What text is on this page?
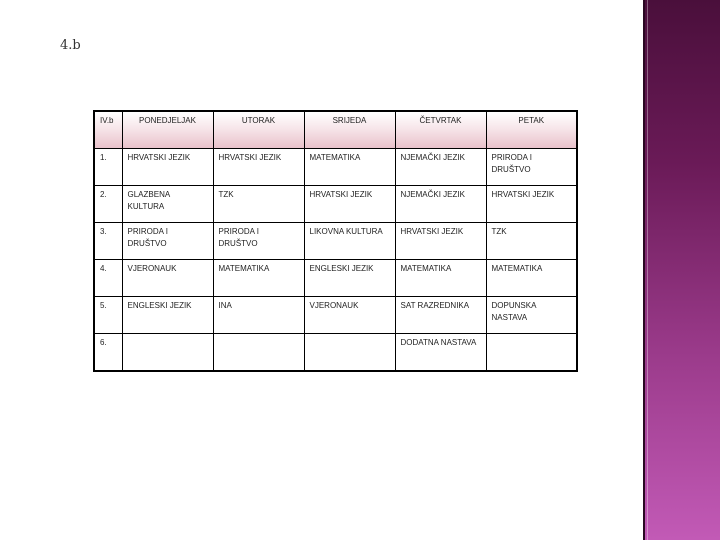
4.b
IV.b	PONEDJELJAK	UTORAK	SRIJEDA	ČETVRTAK	PETAK
1.	HRVATSKI JEZIK	HRVATSKI JEZIK	MATEMATIKA	NJEMAČKI JEZIK	PRIRODA I DRUŠTVO
2.	GLAZBENA KULTURA	TZK	HRVATSKI JEZIK	NJEMAČKI JEZIK	HRVATSKI JEZIK
3.	PRIRODA I DRUŠTVO	PRIRODA I DRUŠTVO	LIKOVNA KULTURA	HRVATSKI JEZIK	TZK
4.	VJERONAUK	MATEMATIKA	ENGLESKI JEZIK	MATEMATIKA	MATEMATIKA
5.	ENGLESKI JEZIK	INA	VJERONAUK	SAT RAZREDNIKA	DOPUNSKA NASTAVA
6.				DODATNA NASTAVA	
